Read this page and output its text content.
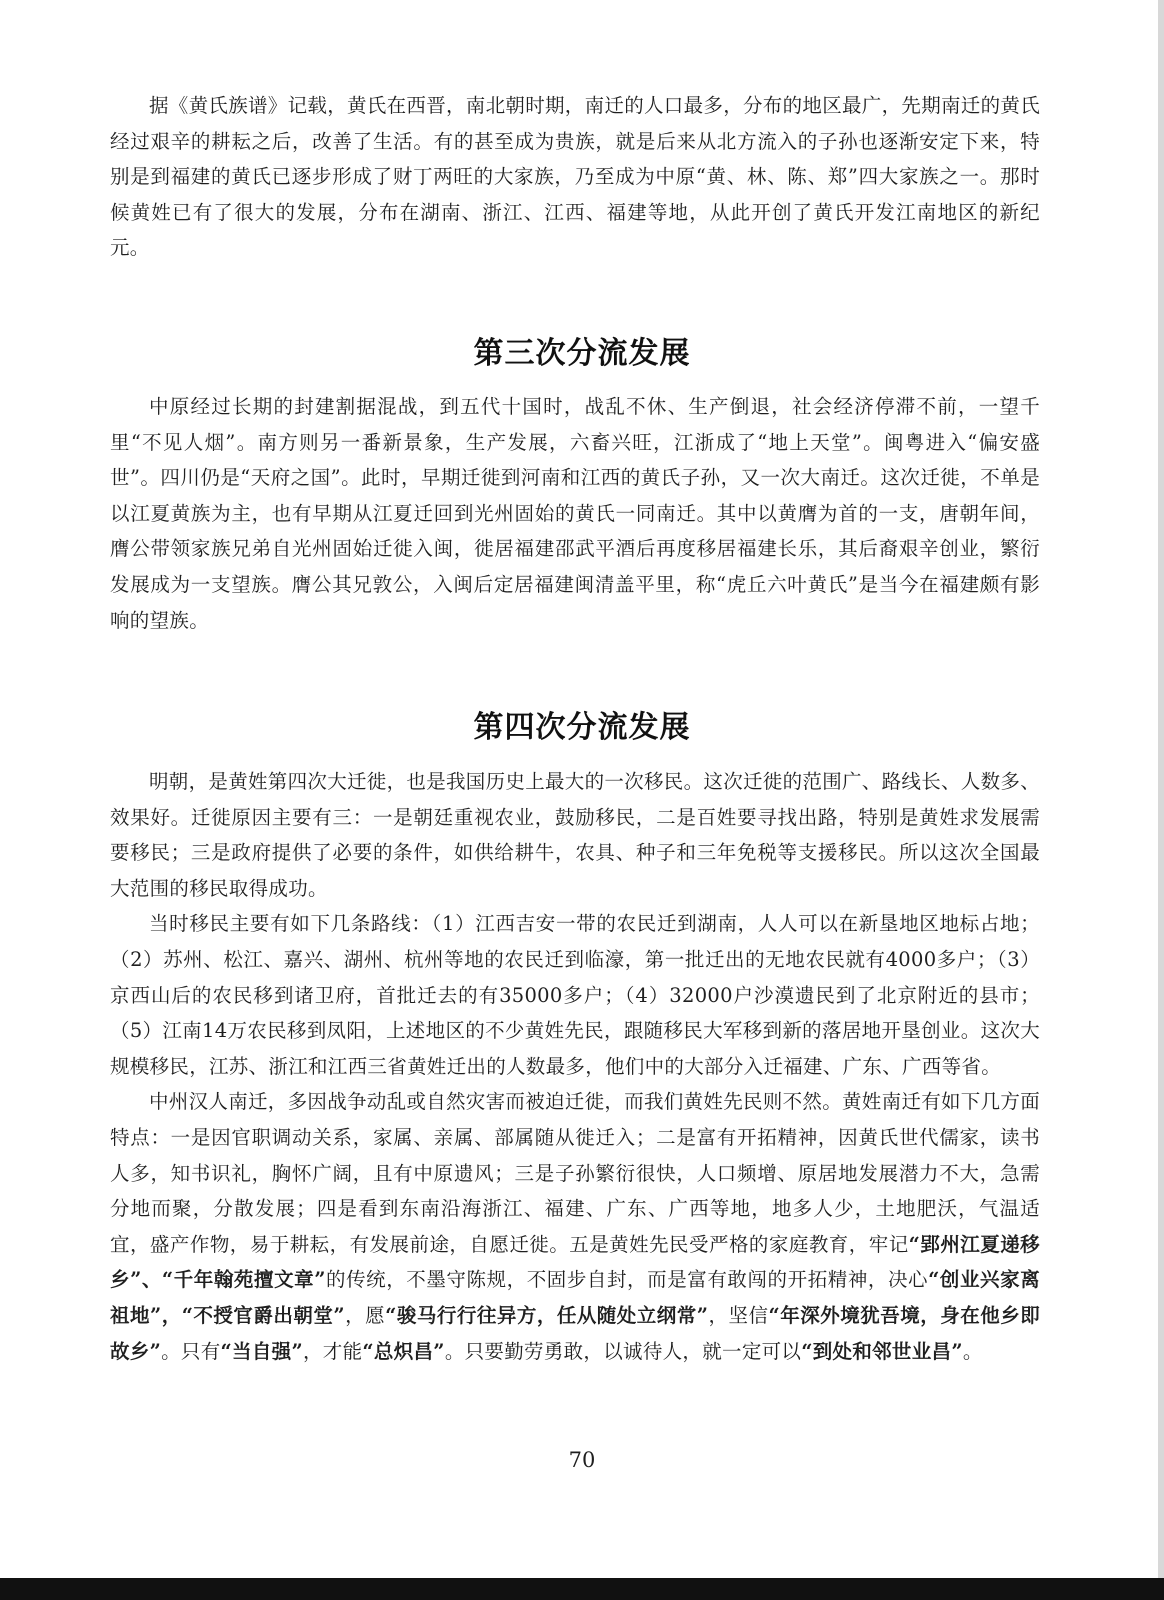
据《黄氏族谱》记载，黄氏在西晋，南北朝时期，南迁的人口最多，分布的地区最广，先期南迁的黄氏经过艰辛的耕耘之后，改善了生活。有的甚至成为贵族，就是后来从北方流入的子孙也逐渐安定下来，特别是到福建的黄氏已逐步形成了财丁两旺的大家族，乃至成为中原“黄、林、陈、郑”四大家族之一。那时候黄姓已有了很大的发展，分布在湖南、浙江、江西、福建等地，从此开创了黄氏开发江南地区的新纪元。

第三次分流发展

中原经过长期的封建割据混战，到五代十国时，战乱不休、生产倒退，社会经济停滞不前，一望千里“不见人烟”。南方则另一番新景象，生产发展，六畜兴旺，江浙成了“地上天堂”。闽粤进入“偏安盛世”。四川仍是“天府之国”。此时，早期迁徙到河南和江西的黄氏子孙，又一次大南迁。这次迁徙，不单是以江夏黄族为主，也有早期从江夏迁回到光州固始的黄氏一同南迁。其中以黄膺为首的一支，唐朝年间，膺公带领家族兄弟自光州固始迁徙入闽，徙居福建邵武平酒后再度移居福建长乐，其后裔艰辛创业，繁衍发展成为一支望族。膺公其兄敦公，入闽后定居福建闽清盖平里，称“虎丘六叶黄氏”是当今在福建颇有影响的望族。

第四次分流发展

明朝，是黄姓第四次大迁徙，也是我国历史上最大的一次移民。这次迁徙的范围广、路线长、人数多、效果好。迁徙原因主要有三：一是朝廷重视农业，鼓励移民，二是百姓要寻找出路，特别是黄姓求发展需要移民；三是政府提供了必要的条件，如供给耕牛，农具、种子和三年免税等支援移民。所以这次全国最大范围的移民取得成功。

当时移民主要有如下几条路线：（1）江西吉安一带的农民迁到湖南，人人可以在新垦地区地标占地；（2）苏州、松江、嘉兴、湖州、杭州等地的农民迁到临濠，第一批迁出的无地农民就有4000多户；（3）京西山后的农民移到诸卫府，首批迁去的有35000多户；（4）32000户沙漠遗民到了北京附近的县市；（5）江南14万农民移到凤阳，上述地区的不少黄姓先民，跟随移民大军移到新的落居地开垦创业。这次大规模移民，江苏、浙江和江西三省黄姓迁出的人数最多，他们中的大部分入迁福建、广东、广西等省。

中州汉人南迁，多因战争动乱或自然灾害而被迫迁徙，而我们黄姓先民则不然。黄姓南迁有如下几方面特点：一是因官职调动关系，家属、亲属、部属随从徙迁入；二是富有开拓精神，因黄氏世代儒家，读书人多，知书识礼，胸怀广阔，且有中原遗风；三是子孙繁衍很快，人口频增、原居地发展潜力不大，急需分地而聚，分散发展；四是看到东南沿海浙江、福建、广东、广西等地，地多人少，土地肥沃，气温适宜，盛产作物，易于耕耘，有发展前途，自愿迁徙。五是黄姓先民受严格的家庭教育，牢记“郢州江夏递移乡”、“千年翰苑擅文章”的传统，不墨守陈规，不固步自封，而是富有敢闯的开拓精神，决心“创业兴家离祖地”，“不授官爵出朝堂”，愿“骏马行行往异方，任从随处立纲常”，坚信“年深外境犹吾境，身在他乡即故乡”。只有“当自强”，才能“总炽昌”。只要勤劳勇敢，以诚待人，就一定可以“到处和邻世业昌”。

70
